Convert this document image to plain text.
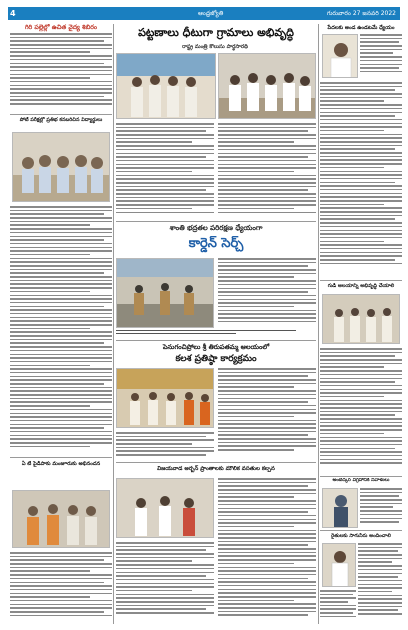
4	ఆంధ్రజ్యోతి	గురువారం 27 జనవరి 2022
గిరి పల్లెల్లో ఉచిత వైద్య శిబిరం
పోటీ పరీక్షల్లో ప్రతిభ కనబరిచిన విద్యార్థులు
ఏ టి పైడిపాకు మంజూరుకు అభినందన
పట్టణాలు ధీటుగా గ్రామాలు అభివృద్ధి
రాష్ట్ర మంత్రి కొలుసు పార్థసారథి
శాంతి భద్రతల పరిరక్షణ ధ్యేయంగా
కార్డెన్ సెర్చ్
పెనుగంచిప్రోలు శ్రీ తిరుపతమ్మ ఆలయంలో
కలశ ప్రతిష్ఠా కార్యక్రమం
విజయవాడ అర్బన్ ప్రాంతాలకు మౌలిక వసతుల కల్పన
పేదలకు అండ‌ ఉండటమే ధ్యేయం
గుడి ఆలయాన్ని అభివృద్ధి చేయాలి
అంబేద్కర్ విగ్రహానికి నివాళులు
రైతులకు సాగునీరు అందించాలి
